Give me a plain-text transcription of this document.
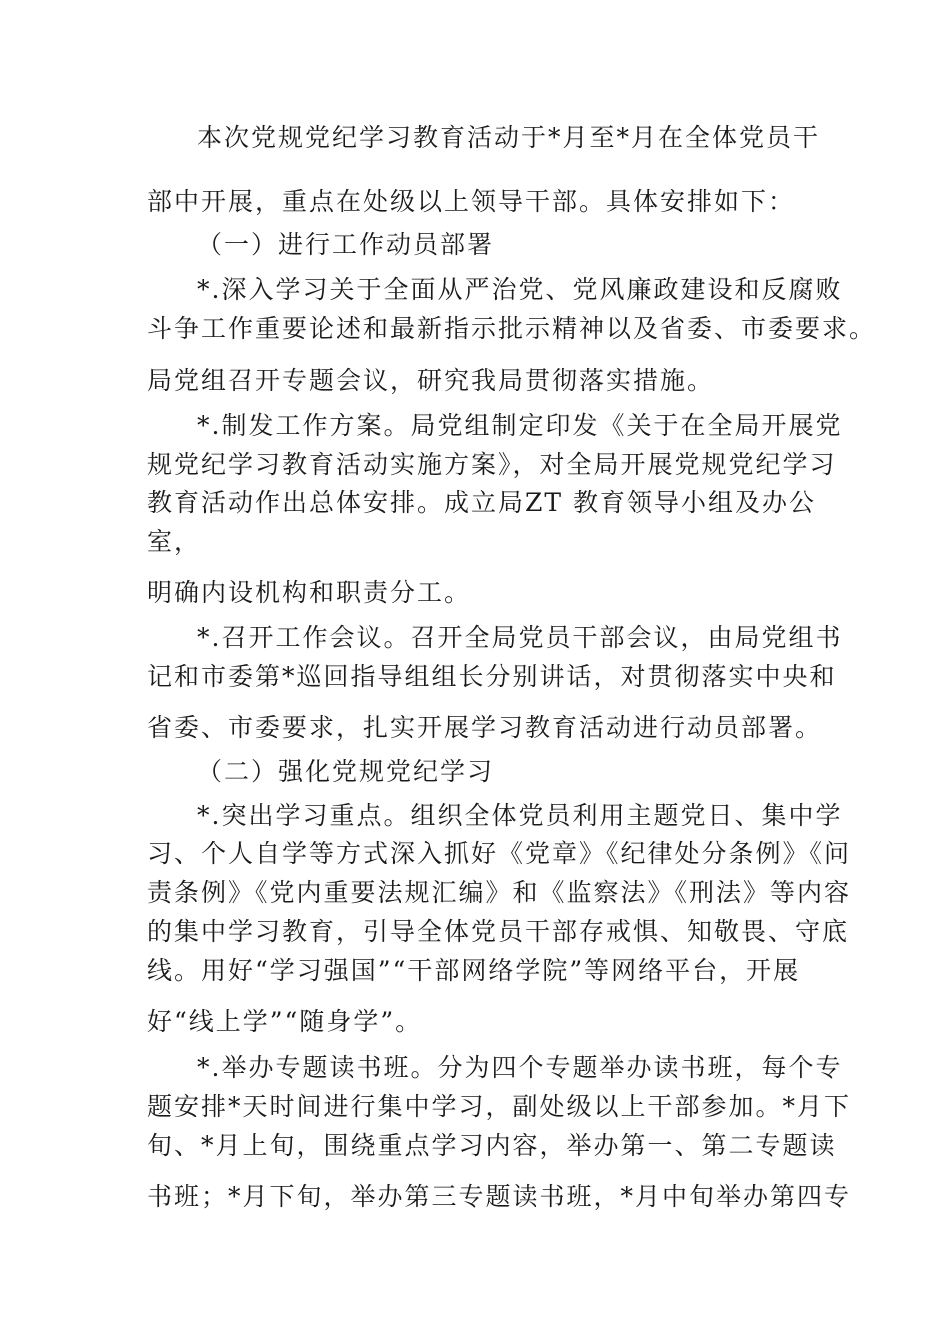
本次党规党纪学习教育活动于*月至*月在全体党员干
部中开展，重点在处级以上领导干部。具体安排如下：
（一）进行工作动员部署
*.深入学习关于全面从严治党、党风廉政建设和反腐败
斗争工作重要论述和最新指示批示精神以及省委、市委要求。
局党组召开专题会议，研究我局贯彻落实措施。
*.制发工作方案。局党组制定印发《关于在全局开展党
规党纪学习教育活动实施方案》，对全局开展党规党纪学习
教育活动作出总体安排。成立局ZT 教育领导小组及办公
室，
明确内设机构和职责分工。
*.召开工作会议。召开全局党员干部会议，由局党组书
记和市委第*巡回指导组组长分别讲话，对贯彻落实中央和
省委、市委要求，扎实开展学习教育活动进行动员部署。
（二）强化党规党纪学习
*.突出学习重点。组织全体党员利用主题党日、集中学
习、个人自学等方式深入抓好《党章》《纪律处分条例》《问
责条例》《党内重要法规汇编》和《监察法》《刑法》等内容
的集中学习教育，引导全体党员干部存戒惧、知敬畏、守底
线。用好“学习强国”“干部网络学院”等网络平台，开展
好“线上学”“随身学”。
*.举办专题读书班。分为四个专题举办读书班，每个专
题安排*天时间进行集中学习，副处级以上干部参加。*月下
旬、*月上旬，围绕重点学习内容，举办第一、第二专题读
书班；*月下旬，举办第三专题读书班，*月中旬举办第四专
